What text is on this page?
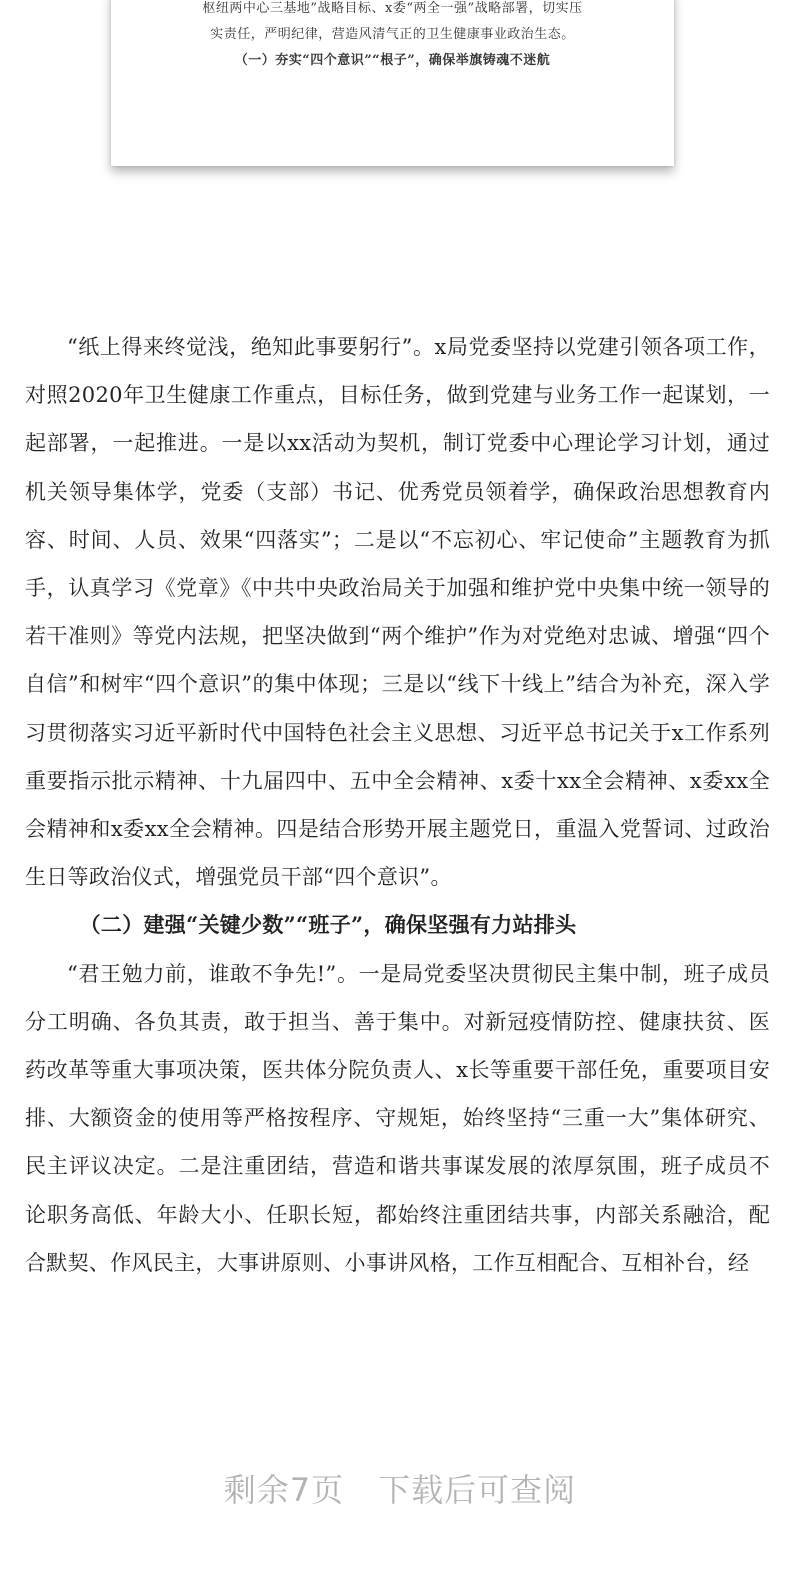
枢纽两中心三基地”战略目标、x委“两全一强”战略部署，切实压
实责任，严明纪律，营造风清气正的卫生健康事业政治生态。
（一）夯实“四个意识”“根子”，确保举旗铸魂不迷航

“纸上得来终觉浅，绝知此事要躬行”。x局党委坚持以党建引领各项工作，对照2020年卫生健康工作重点，目标任务，做到党建与业务工作一起谋划，一起部署，一起推进。一是以xx活动为契机，制订党委中心理论学习计划，通过机关领导集体学，党委（支部）书记、优秀党员领着学，确保政治思想教育内容、时间、人员、效果“四落实”；二是以“不忘初心、牢记使命”主题教育为抓手，认真学习《党章》《中共中央政治局关于加强和维护党中央集中统一领导的若干准则》等党内法规，把坚决做到“两个维护”作为对党绝对忠诚、增强“四个自信”和树牢“四个意识”的集中体现；三是以“线下十线上”结合为补充，深入学习贯彻落实习近平新时代中国特色社会主义思想、习近平总书记关于x工作系列重要指示批示精神、十九届四中、五中全会精神、x委十xx全会精神、x委xx全会精神和x委xx全会精神。四是结合形势开展主题党日，重温入党誓词、过政治生日等政治仪式，增强党员干部“四个意识”。

（二）建强“关键少数”“班子”，确保坚强有力站排头

“君王勉力前，谁敢不争先!”。一是局党委坚决贯彻民主集中制，班子成员分工明确、各负其责，敢于担当、善于集中。对新冠疫情防控、健康扶贫、医药改革等重大事项决策，医共体分院负责人、x长等重要干部任免，重要项目安排、大额资金的使用等严格按程序、守规矩，始终坚持“三重一大”集体研究、民主评议决定。二是注重团结，营造和谐共事谋发展的浓厚氛围，班子成员不论职务高低、年龄大小、任职长短，都始终注重团结共事，内部关系融洽，配合默契、作风民主，大事讲原则、小事讲风格，工作互相配合、互相补台，经

剩余7页 下载后可查阅
